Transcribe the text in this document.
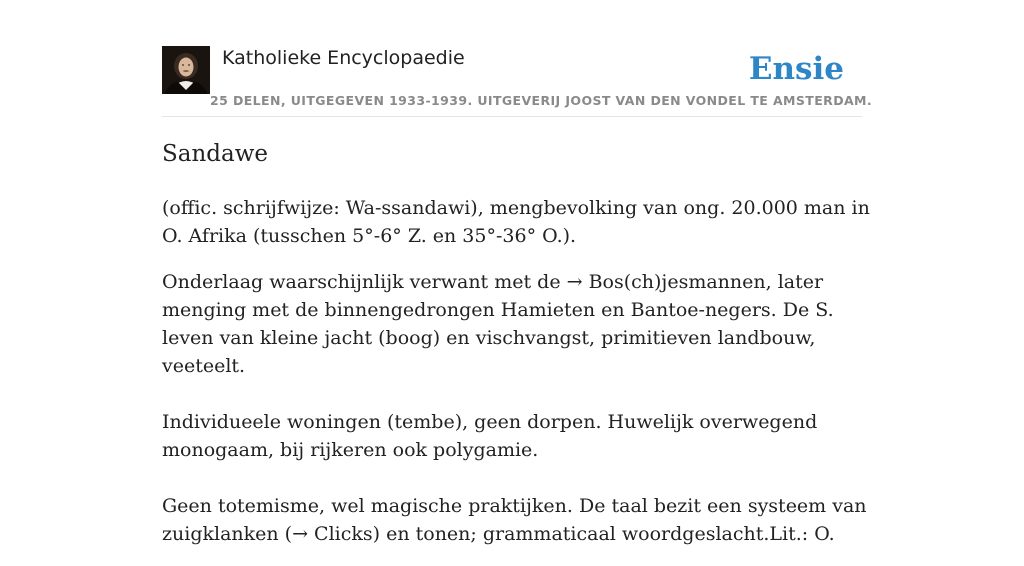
Katholieke Encyclopaedie
25 DELEN, UITGEGEVEN 1933-1939. UITGEVERIJ JOOST VAN DEN VONDEL TE AMSTERDAM.
Ensie
Sandawe

(offic. schrijfwijze: Wa-ssandawi), mengbevolking van ong. 20.000 man in O. Afrika (tusschen 5°-6° Z. en 35°-36° O.).

Onderlaag waarschijnlijk verwant met de → Bos(ch)jesmannen, later menging met de binnengedrongen Hamieten en Bantoe-negers. De S. leven van kleine jacht (boog) en vischvangst, primitieven landbouw, veeteelt.

Individueele woningen (tembe), geen dorpen. Huwelijk overwegend monogaam, bij rijkeren ook polygamie.

Geen totemisme, wel magische praktijken. De taal bezit een systeem van zuigklanken (→ Clicks) en tonen; grammaticaal woordgeslacht.Lit.: O.
